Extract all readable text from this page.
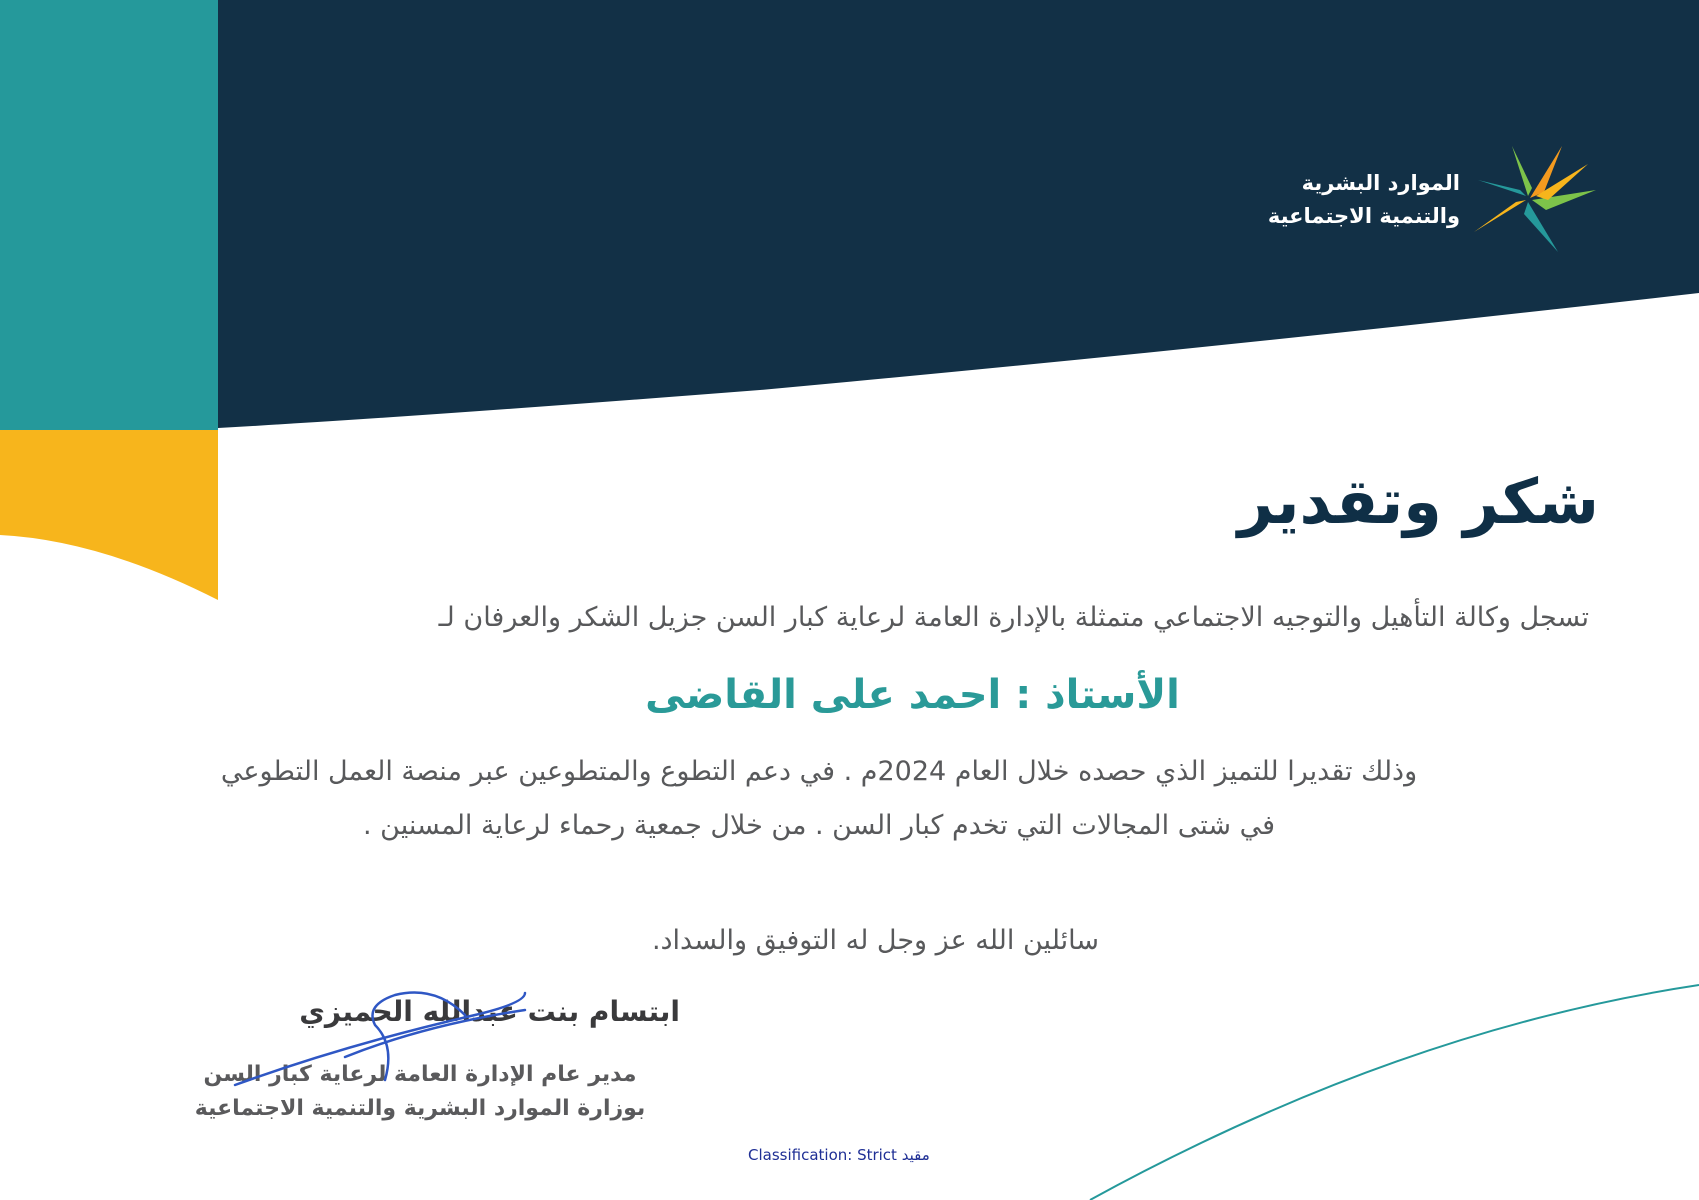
الموارد البشرية
والتنمية الاجتماعية
شكر وتقدير
تسجل وكالة التأهيل والتوجيه الاجتماعي متمثلة بالإدارة العامة لرعاية كبار السن جزيل الشكر والعرفان لـ
الأستاذ : احمد على القاضى
وذلك تقديرا للتميز الذي حصده خلال العام 2024م . في دعم التطوع والمتطوعين عبر منصة العمل التطوعي
في شتى المجالات التي تخدم كبار السن . من خلال جمعية رحماء لرعاية المسنين .
سائلين الله عز وجل له التوفيق والسداد.
ابتسام بنت عبدالله الحميزي
مدير عام الإدارة العامة لرعاية كبار السن
بوزارة الموارد البشرية والتنمية الاجتماعية
Classification: Strict مقيد
